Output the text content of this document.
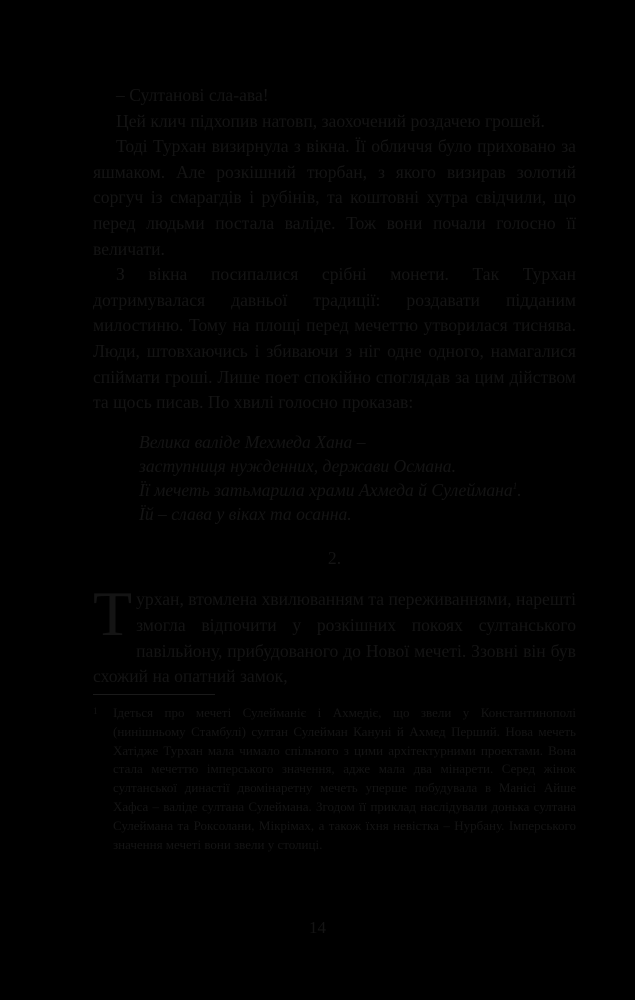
– Султанові сла-ава!

Цей клич підхопив натовп, заохочений роздачею грошей.

Тоді Турхан визирнула з вікна. Її обличчя було приховано за яшмаком. Але розкішний тюрбан, з якого визирав золотий соргуч із смарагдів і рубінів, та коштовні хутра свідчили, що перед людьми постала валіде. Тож вони почали голосно її величати.

З вікна посипалися срібні монети. Так Турхан дотримувалася давньої традиції: роздавати підданим милостиню. Тому на площі перед мечеттю утворилася тиснява. Люди, штовхаючись і збиваючи з ніг одне одного, намагалися спіймати гроші. Лише поет спокійно споглядав за цим дійством та щось писав. По хвилі голосно проказав:

Велика валіде Мехмеда Хана –
заступниця нужденних, держави Османа.
Її мечеть затьмарила храми Ахмеда й Сулеймана$^1$.
Їй – слава у віках та осанна.
2.

Турхан, втомлена хвилюванням та переживаннями, нарешті змогла відпочити у розкішних покоях султанського павільйону, прибудованого до Нової мечеті. Ззовні він був схожий на опатний замок,

1 Ідеться про мечеті Сулейманіє і Ахмедіє, що звели у Константинополі (нинішньому Стамбулі) султан Сулейман Кануні й Ахмед Перший. Нова мечеть Хатідже Турхан мала чимало спільного з цими архітектурними проектами. Вона стала мечеттю імперського значення, адже мала два мінарети. Серед жінок султанської династії двомінаретну мечеть уперше побудувала в Манісі Айше Хафса – валіде султана Сулеймана. Згодом її приклад наслідували донька султана Сулеймана та Роксолани, Мікрімах, а також їхня невістка – Нурбану. Імперського значення мечеті вони звели у столиці.

14
